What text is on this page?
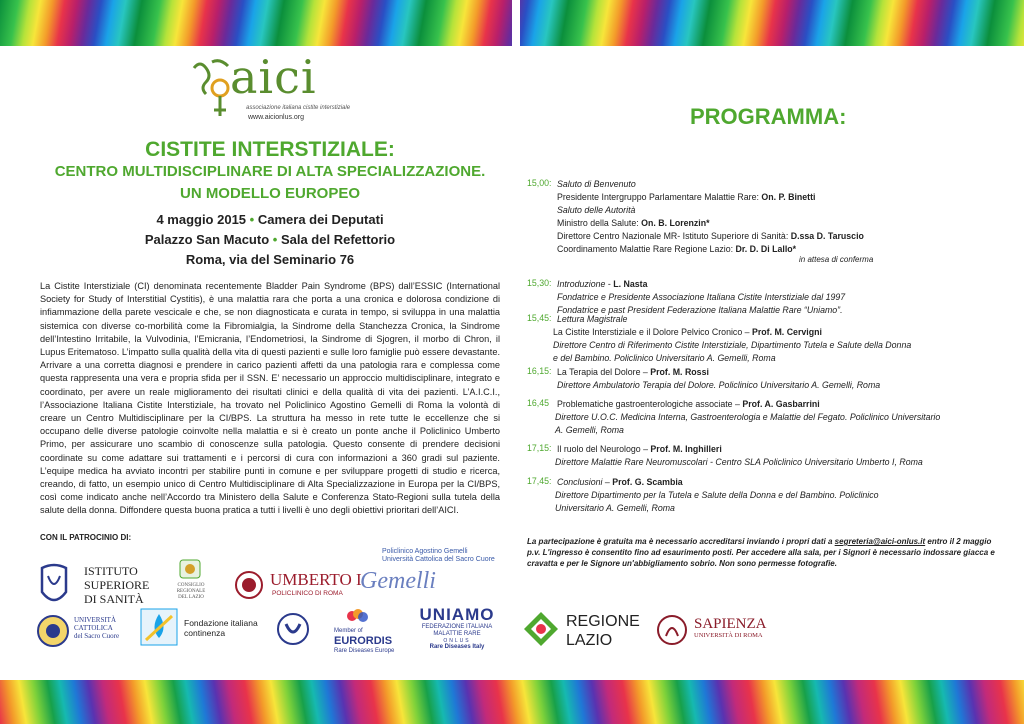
aici
associazione italiana cistite interstiziale
www.aicionlus.org
CISTITE INTERSTIZIALE:
CENTRO MULTIDISCIPLINARE DI ALTA SPECIALIZZAZIONE.
UN MODELLO EUROPEO
4 maggio 2015 • Camera dei Deputati
Palazzo San Macuto • Sala del Refettorio
Roma, via del Seminario 76
La Cistite Interstiziale (CI) denominata recentemente Bladder Pain Syndrome (BPS) dall’ESSIC (International Society for Study of Interstitial Cystitis), è una malattia rara che porta a una cronica e dolorosa condizione di infiammazione della parete vescicale e che, se non diagnosticata e curata in tempo, si sviluppa in una malattia sistemica con diverse co-morbilità come la Fibromialgia, la Sindrome della Stanchezza Cronica, la Sindrome dell’Intestino Irritabile, la Vulvodinia, l’Emicrania, l’Endometriosi, la Sindrome di Sjogren, il morbo di Chron, il Lupus Eritematoso. L’impatto sulla qualità della vita di questi pazienti e sulle loro famiglie può essere devastante. Arrivare a una corretta diagnosi e prendere in carico pazienti affetti da una patologia rara e complessa come questa rappresenta una vera e propria sfida per il SSN. E’ necessario un approccio multidisciplinare, integrato e coordinato, per avere un reale miglioramento dei risultati clinici e della qualità di vita dei pazienti. L’A.I.C.I., l’Associazione Italiana Cistite Interstiziale, ha trovato nel Policlinico Agostino Gemelli di Roma la volontà di creare un Centro Multidisciplinare per la CI/BPS. La struttura ha messo in rete tutte le eccellenze che si occupano delle diverse patologie coinvolte nella malattia e si è creato un ponte anche il Policlinico Umberto Primo, per assicurare uno scambio di conoscenze sulla patologia. Questo consente di prendere decisioni coordinate su come adattare sui trattamenti e i percorsi di cura con informazioni a 360 gradi sul paziente. L’equipe medica ha avviato incontri per stabilire punti in comune e per sviluppare progetti di studio e ricerca, creando, di fatto, un esempio unico di Centro Multidisciplinare di Alta Specializzazione in Europa per la CI/BPS, così come indicato anche nell’Accordo tra Ministero della Salute e Conferenza Stato-Regioni sulla tutela della salute della donna. Diffondere questa buona pratica a tutti i livelli è uno degli obiettivi prioritari dell’AICI.
CON IL PATROCINIO DI:
PROGRAMMA:
15,00: Saluto di Benvenuto
Presidente Intergruppo Parlamentare Malattie Rare: On. P. Binetti
Saluto delle Autorità
Ministro della Salute: On. B. Lorenzin*
Direttore Centro Nazionale MR- Istituto Superiore di Sanità: D.ssa D. Taruscio
Coordinamento Malattie Rare Regione Lazio: Dr. D. Di Lallo*
in attesa di conferma
15,30: Introduzione - L. Nasta
Fondatrice e Presidente Associazione Italiana Cistite Interstiziale dal 1997
Fondatrice e past President Federazione Italiana Malattie Rare “Uniamo”.
15,45: Lettura Magistrale
La Cistite Interstiziale e il Dolore Pelvico Cronico – Prof. M. Cervigni
Direttore Centro di Riferimento Cistite Interstiziale, Dipartimento Tutela e Salute della Donna
e del Bambino. Policlinico Universitario A. Gemelli, Roma
16,15: La Terapia del Dolore – Prof. M. Rossi
Direttore Ambulatorio Terapia del Dolore. Policlinico Universitario A. Gemelli, Roma
16,45 Problematiche gastroenterologiche associate – Prof. A. Gasbarrini
Direttore U.O.C. Medicina Interna, Gastroenterologia e Malattie del Fegato. Policlinico Universitario
A. Gemelli, Roma
17,15: Il ruolo del Neurologo – Prof. M. Inghilleri
Direttore Malattie Rare Neuromuscolari - Centro SLA Policlinico Universitario Umberto I, Roma
17,45: Conclusioni – Prof. G. Scambia
Direttore Dipartimento per la Tutela e Salute della Donna e del Bambino. Policlinico
Universitario A. Gemelli, Roma
La partecipazione è gratuita ma è necessario accreditarsi inviando i propri dati a segreteria@aici-onlus.it entro il 2 maggio p.v. L'ingresso è consentito fino ad esaurimento posti. Per accedere alla sala, per i Signori è necessario indossare giacca e cravatta e per le Signore un'abbigliamento sobrio. Non sono permesse fotografie.
ISTITUTO
SUPERIORE
DI SANITÀ
CONSIGLIO
REGIONALE
DEL LAZIO
UMBERTO I
POLICLINICO DI ROMA
Policlinico Agostino Gemelli
Università Cattolica del Sacro Cuore
Gemelli
UNIVERSITÀ
CATTOLICA
del Sacro Cuore
Fondazione italiana
continenza	Member of
EURORDIS
Rare Diseases Europe
UNIAMO
FEDERAZIONE ITALIANA
MALATTIE RARE
ONLUS
Rare Diseases Italy
REGIONE
LAZIO
SAPIENZA
UNIVERSITÀ DI ROMA
